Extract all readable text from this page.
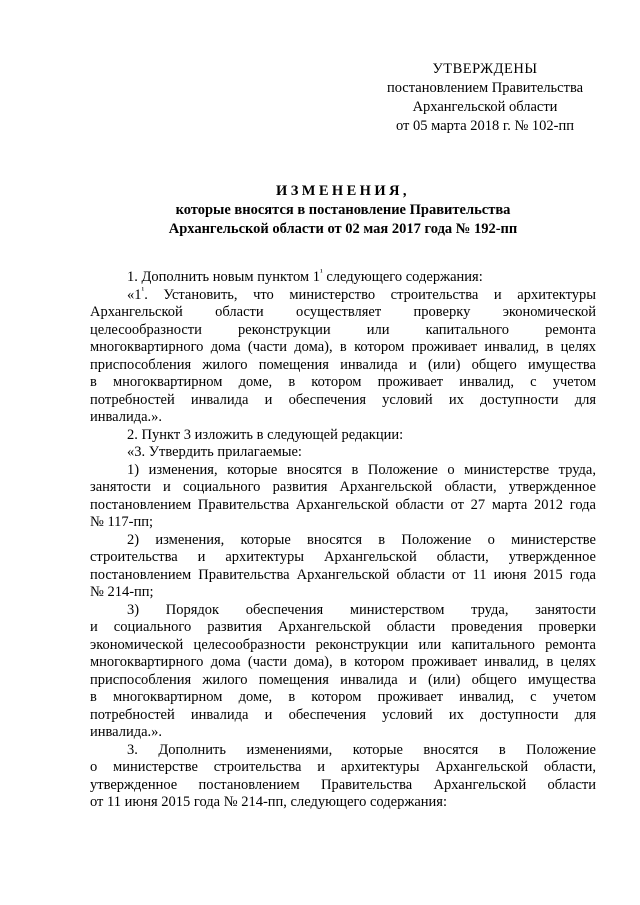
УТВЕРЖДЕНЫ
постановлением Правительства
Архангельской области
от 05 марта 2018 г. № 102-пп
ИЗМЕНЕНИЯ,
которые вносятся в постановление Правительства
Архангельской области от 02 мая 2017 года № 192-пп
1. Дополнить новым пунктом $1^{^1}$ следующего содержания:
«$1^{^1}$. Установить, что министерство строительства и архитектуры
Архангельской области осуществляет проверку экономической
целесообразности реконструкции или капитального ремонта
многоквартирного дома (части дома), в котором проживает инвалид, в целях
приспособления жилого помещения инвалида и (или) общего имущества
в многоквартирном доме, в котором проживает инвалид, с учетом
потребностей инвалида и обеспечения условий их доступности для
инвалида.».
2. Пункт 3 изложить в следующей редакции:
«3. Утвердить прилагаемые:
1) изменения, которые вносятся в Положение о министерстве труда,
занятости и социального развития Архангельской области, утвержденное
постановлением Правительства Архангельской области от 27 марта 2012 года
№ 117-пп;
2) изменения, которые вносятся в Положение о министерстве
строительства и архитектуры Архангельской области, утвержденное
постановлением Правительства Архангельской области от 11 июня 2015 года
№ 214-пп;
3) Порядок обеспечения министерством труда, занятости
и социального развития Архангельской области проведения проверки
экономической целесообразности реконструкции или капитального ремонта
многоквартирного дома (части дома), в котором проживает инвалид, в целях
приспособления жилого помещения инвалида и (или) общего имущества
в многоквартирном доме, в котором проживает инвалид, с учетом
потребностей инвалида и обеспечения условий их доступности для
инвалида.».
3. Дополнить изменениями, которые вносятся в Положение
о министерстве строительства и архитектуры Архангельской области,
утвержденное постановлением Правительства Архангельской области
от 11 июня 2015 года № 214-пп, следующего содержания:
